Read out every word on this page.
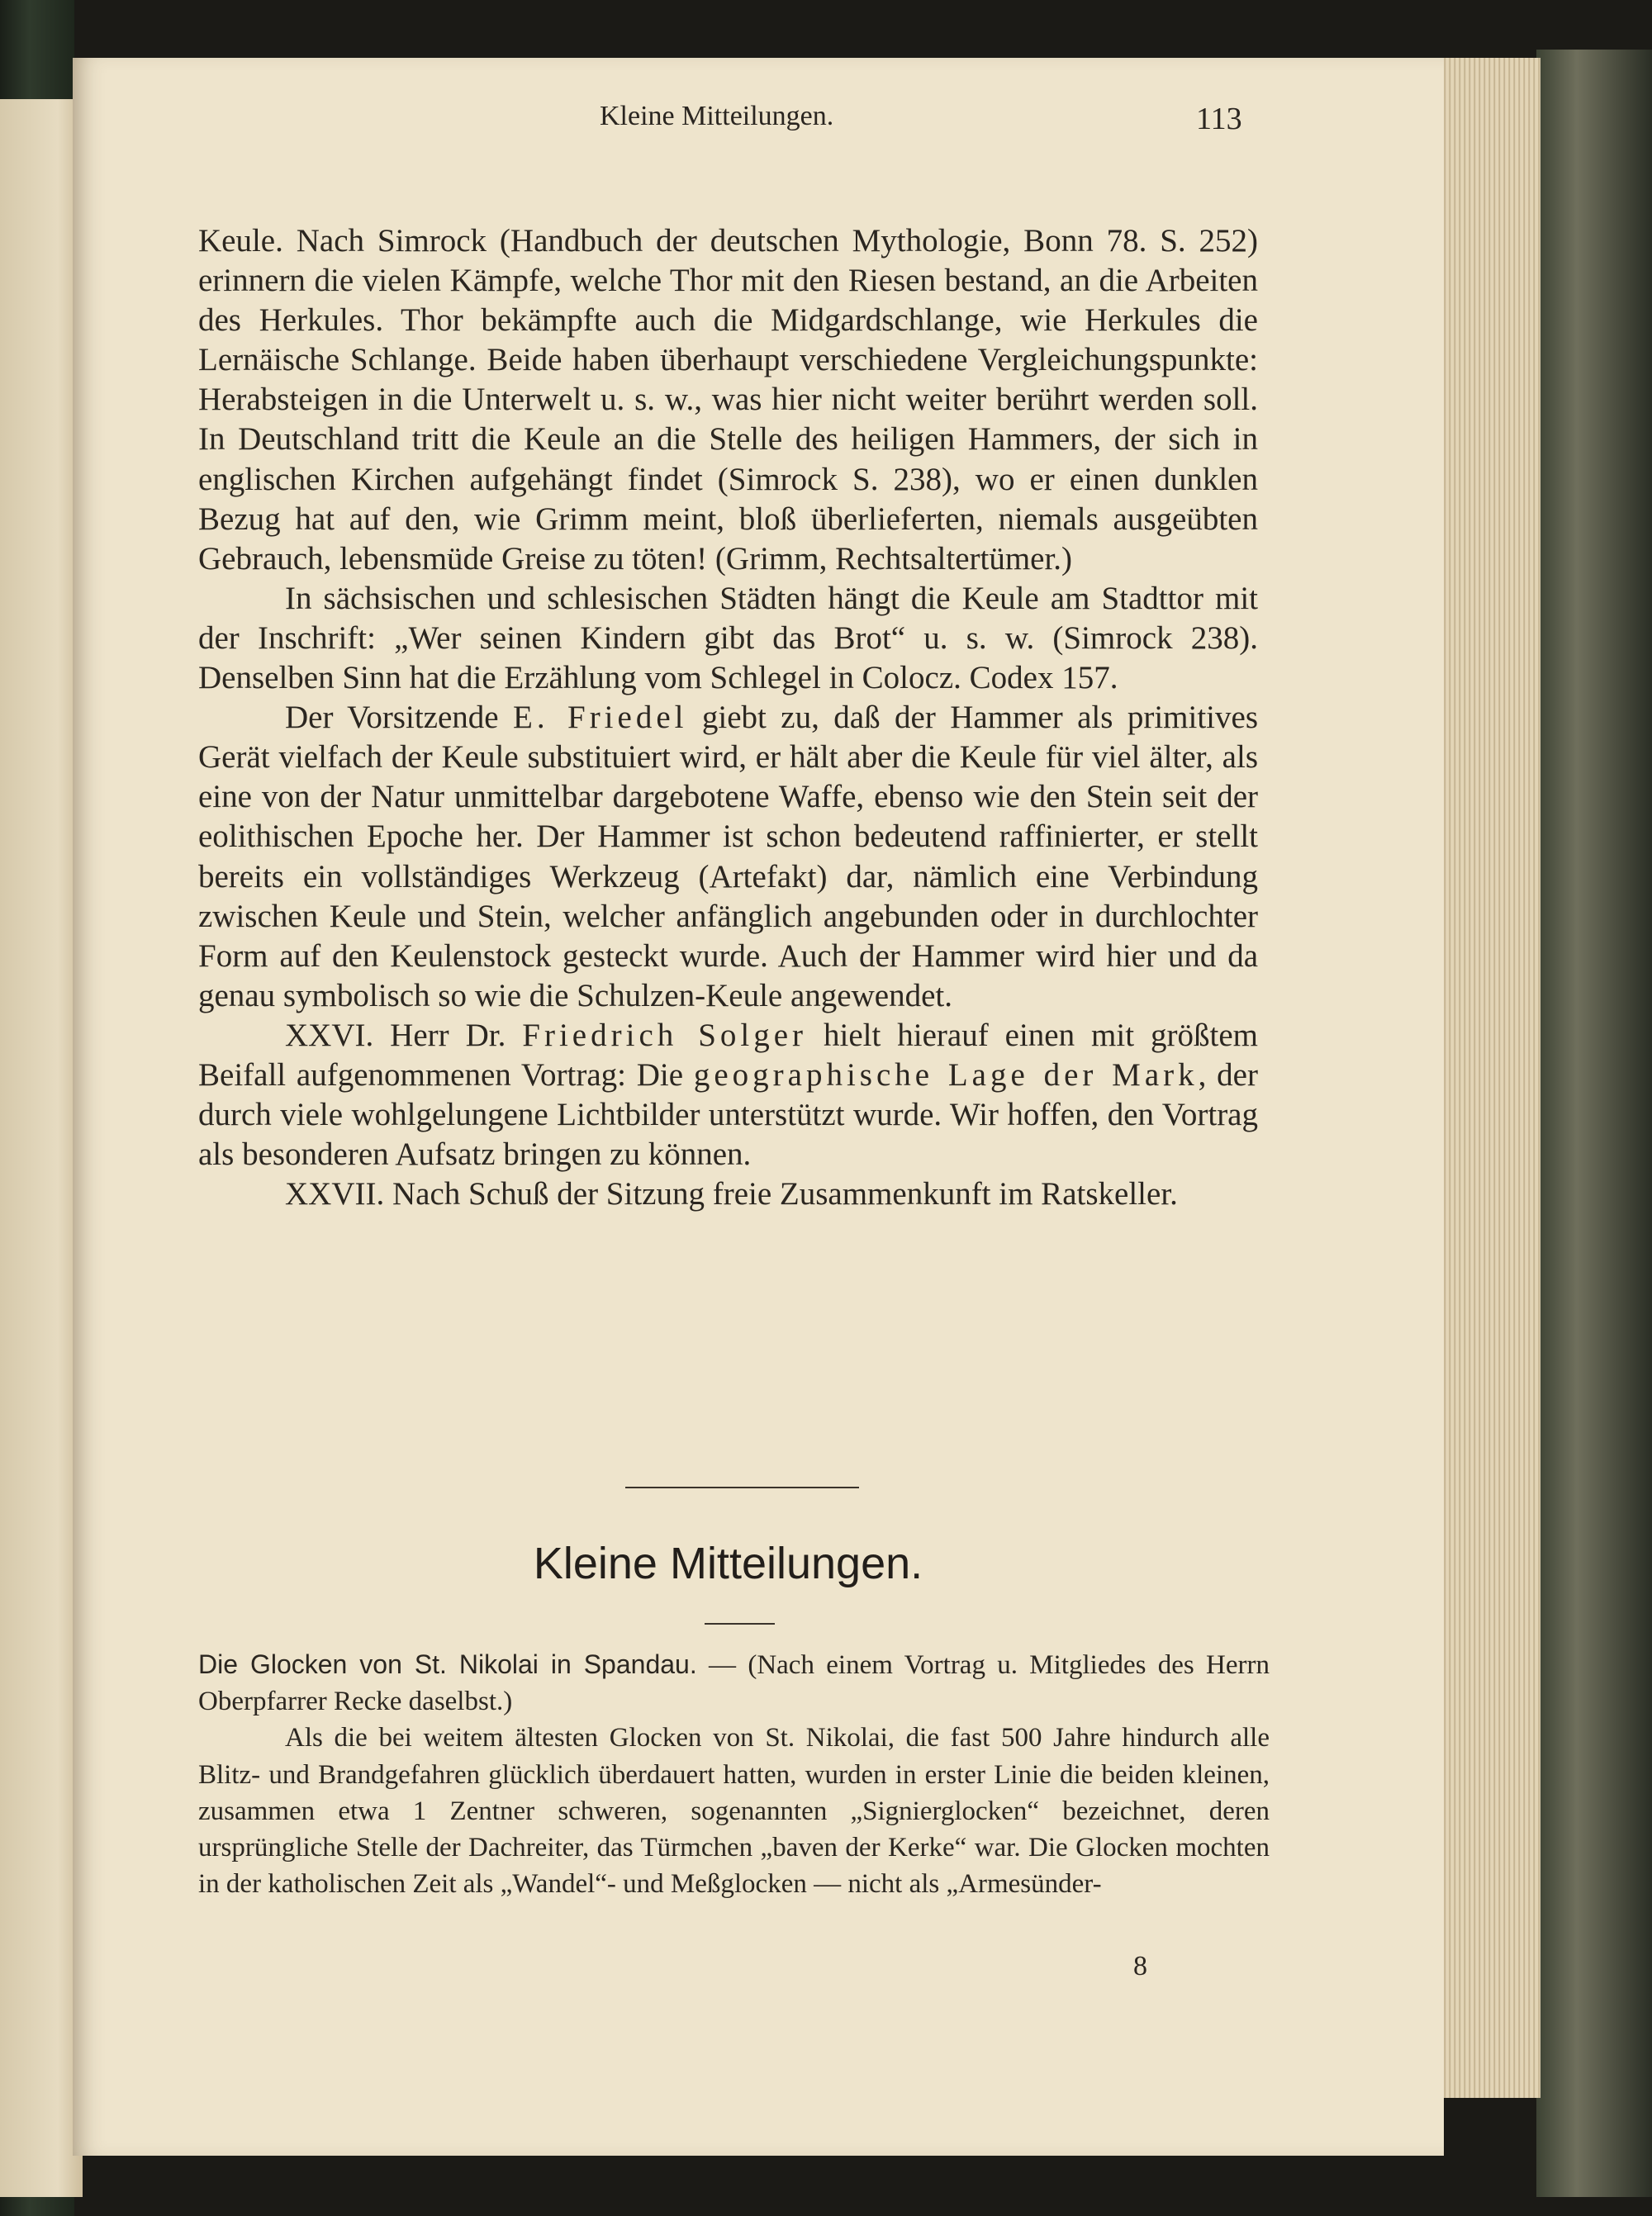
Kleine Mitteilungen.	113

Keule. Nach Simrock (Handbuch der deutschen Mythologie, Bonn 78. S. 252) erinnern die vielen Kämpfe, welche Thor mit den Riesen bestand, an die Arbeiten des Herkules. Thor bekämpfte auch die Midgardschlange, wie Herkules die Lernäische Schlange. Beide haben überhaupt verschiedene Vergleichungspunkte: Herabsteigen in die Unterwelt u. s. w., was hier nicht weiter berührt werden soll. In Deutschland tritt die Keule an die Stelle des heiligen Hammers, der sich in englischen Kirchen aufgehängt findet (Simrock S. 238), wo er einen dunklen Bezug hat auf den, wie Grimm meint, bloß überlieferten, niemals ausgeübten Gebrauch, lebensmüde Greise zu töten! (Grimm, Rechtsaltertümer.)

In sächsischen und schlesischen Städten hängt die Keule am Stadttor mit der Inschrift: „Wer seinen Kindern gibt das Brot“ u. s. w. (Simrock 238). Denselben Sinn hat die Erzählung vom Schlegel in Colocz. Codex 157.

Der Vorsitzende E. Friedel giebt zu, daß der Hammer als primitives Gerät vielfach der Keule substituiert wird, er hält aber die Keule für viel älter, als eine von der Natur unmittelbar dargebotene Waffe, ebenso wie den Stein seit der eolithischen Epoche her. Der Hammer ist schon bedeutend raffinierter, er stellt bereits ein vollständiges Werkzeug (Artefakt) dar, nämlich eine Verbindung zwischen Keule und Stein, welcher anfänglich angebunden oder in durchlochter Form auf den Keulenstock gesteckt wurde. Auch der Hammer wird hier und da genau symbolisch so wie die Schulzen-Keule angewendet.

XXVI. Herr Dr. Friedrich Solger hielt hierauf einen mit größtem Beifall aufgenommenen Vortrag: Die geographische Lage der Mark, der durch viele wohlgelungene Lichtbilder unterstützt wurde. Wir hoffen, den Vortrag als besonderen Aufsatz bringen zu können.

XXVII. Nach Schuß der Sitzung freie Zusammenkunft im Ratskeller.

Kleine Mitteilungen.

Die Glocken von St. Nikolai in Spandau. — (Nach einem Vortrag u. Mitgliedes des Herrn Oberpfarrer Recke daselbst.)

Als die bei weitem ältesten Glocken von St. Nikolai, die fast 500 Jahre hindurch alle Blitz- und Brandgefahren glücklich überdauert hatten, wurden in erster Linie die beiden kleinen, zusammen etwa 1 Zentner schweren, sogenannten „Signierglocken“ bezeichnet, deren ursprüngliche Stelle der Dachreiter, das Türmchen „baven der Kerke“ war. Die Glocken mochten in der katholischen Zeit als „Wandel“- und Meßglocken — nicht als „Armesünder-

8
